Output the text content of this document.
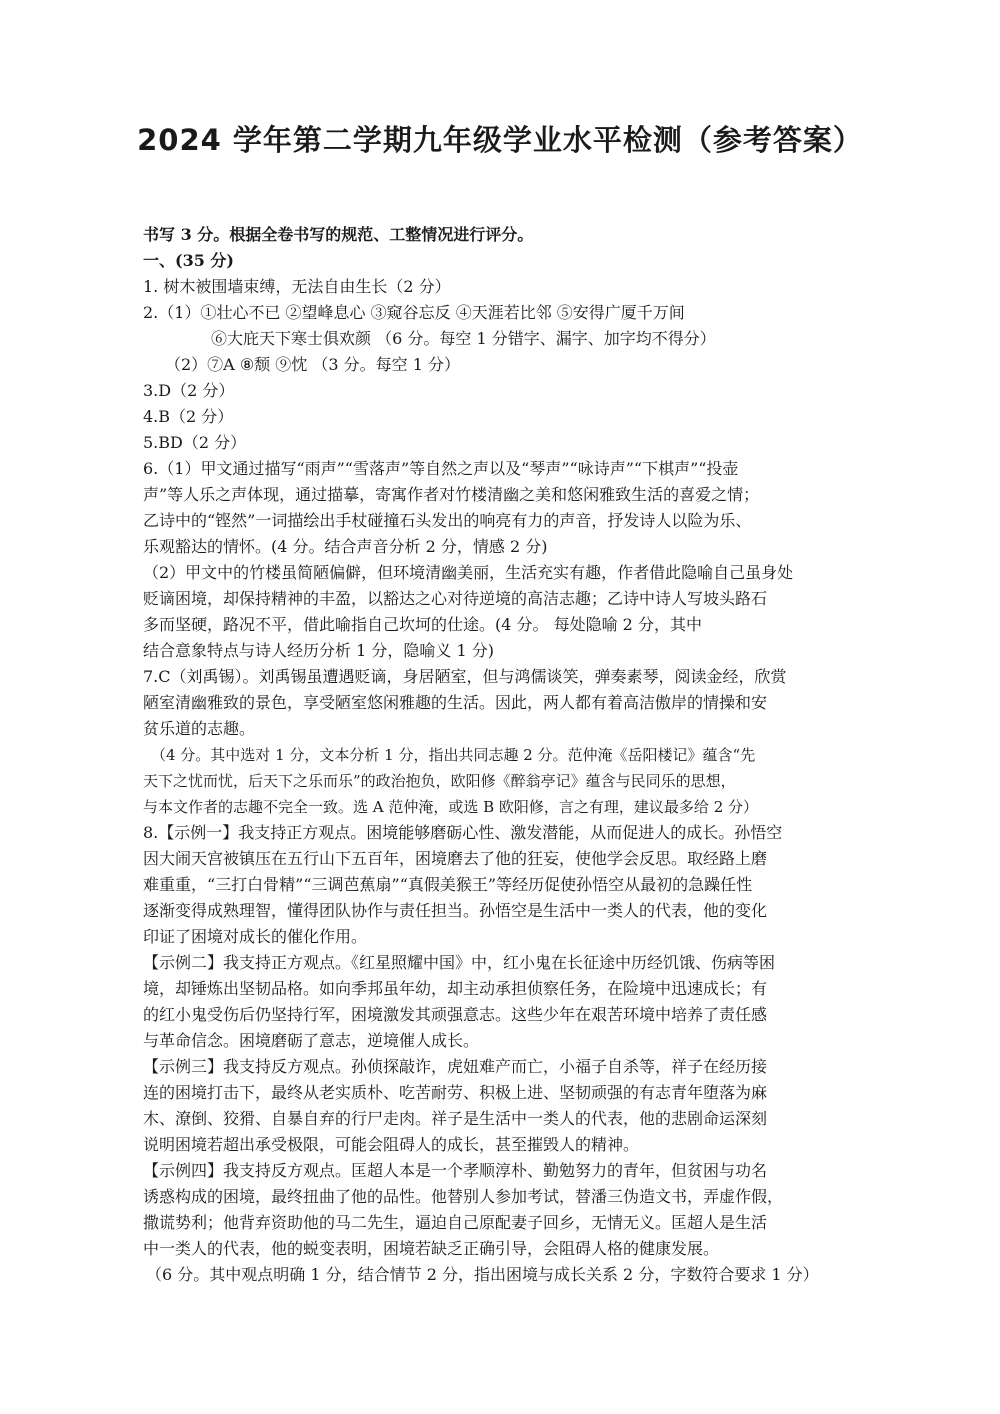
2024 学年第二学期九年级学业水平检测（参考答案）
书写 3 分。根据全卷书写的规范、工整情况进行评分。
一、(35 分)
1. 树木被围墙束缚，无法自由生长（2 分）
2.（1）①壮心不已 ②望峰息心 ③窥谷忘反 ④天涯若比邻 ⑤安得广厦千万间
⑥大庇天下寒士俱欢颜 （6 分。每空 1 分错字、漏字、加字均不得分）
（2）⑦A ⑧颓 ⑨忱 （3 分。每空 1 分）
3.D（2 分）
4.B（2 分）
5.BD（2 分）
6.（1）甲文通过描写“雨声”“雪落声”等自然之声以及“琴声”“咏诗声”“下棋声”“投壶
声”等人乐之声体现，通过描摹，寄寓作者对竹楼清幽之美和悠闲雅致生活的喜爱之情；
乙诗中的“铿然”一词描绘出手杖碰撞石头发出的响亮有力的声音，抒发诗人以险为乐、
乐观豁达的情怀。(4 分。结合声音分析 2 分，情感 2 分)
（2）甲文中的竹楼虽简陋偏僻，但环境清幽美丽，生活充实有趣，作者借此隐喻自己虽身处
贬谪困境，却保持精神的丰盈，以豁达之心对待逆境的高洁志趣；乙诗中诗人写坡头路石
多而坚硬，路况不平，借此喻指自己坎坷的仕途。(4 分。 每处隐喻 2 分，其中
结合意象特点与诗人经历分析 1 分，隐喻义 1 分)
7.C（刘禹锡）。刘禹锡虽遭遇贬谪，身居陋室，但与鸿儒谈笑，弹奏素琴，阅读金经，欣赏
陋室清幽雅致的景色，享受陋室悠闲雅趣的生活。因此，两人都有着高洁傲岸的情操和安
贫乐道的志趣。
（4 分。其中选对 1 分，文本分析 1 分，指出共同志趣 2 分。范仲淹《岳阳楼记》蕴含“先
天下之忧而忧，后天下之乐而乐”的政治抱负，欧阳修《醉翁亭记》蕴含与民同乐的思想，
与本文作者的志趣不完全一致。选 A 范仲淹，或选 B 欧阳修，言之有理，建议最多给 2 分）
8.【示例一】我支持正方观点。困境能够磨砺心性、激发潜能，从而促进人的成长。孙悟空
因大闹天宫被镇压在五行山下五百年，困境磨去了他的狂妄，使他学会反思。取经路上磨
难重重，“三打白骨精”“三调芭蕉扇”“真假美猴王”等经历促使孙悟空从最初的急躁任性
逐渐变得成熟理智，懂得团队协作与责任担当。孙悟空是生活中一类人的代表，他的变化
印证了困境对成长的催化作用。
【示例二】我支持正方观点。《红星照耀中国》中，红小鬼在长征途中历经饥饿、伤病等困
境，却锤炼出坚韧品格。如向季邦虽年幼，却主动承担侦察任务，在险境中迅速成长；有
的红小鬼受伤后仍坚持行军，困境激发其顽强意志。这些少年在艰苦环境中培养了责任感
与革命信念。困境磨砺了意志，逆境催人成长。
【示例三】我支持反方观点。孙侦探敲诈，虎妞难产而亡，小福子自杀等，祥子在经历接
连的困境打击下，最终从老实质朴、吃苦耐劳、积极上进、坚韧顽强的有志青年堕落为麻
木、潦倒、狡猾、自暴自弃的行尸走肉。祥子是生活中一类人的代表，他的悲剧命运深刻
说明困境若超出承受极限，可能会阻碍人的成长，甚至摧毁人的精神。
【示例四】我支持反方观点。匡超人本是一个孝顺淳朴、勤勉努力的青年，但贫困与功名
诱惑构成的困境，最终扭曲了他的品性。他替别人参加考试，替潘三伪造文书，弄虚作假，
撒谎势利；他背弃资助他的马二先生，逼迫自己原配妻子回乡，无情无义。匡超人是生活
中一类人的代表，他的蜕变表明，困境若缺乏正确引导，会阻碍人格的健康发展。
（6 分。其中观点明确 1 分，结合情节 2 分，指出困境与成长关系 2 分，字数符合要求 1 分）
